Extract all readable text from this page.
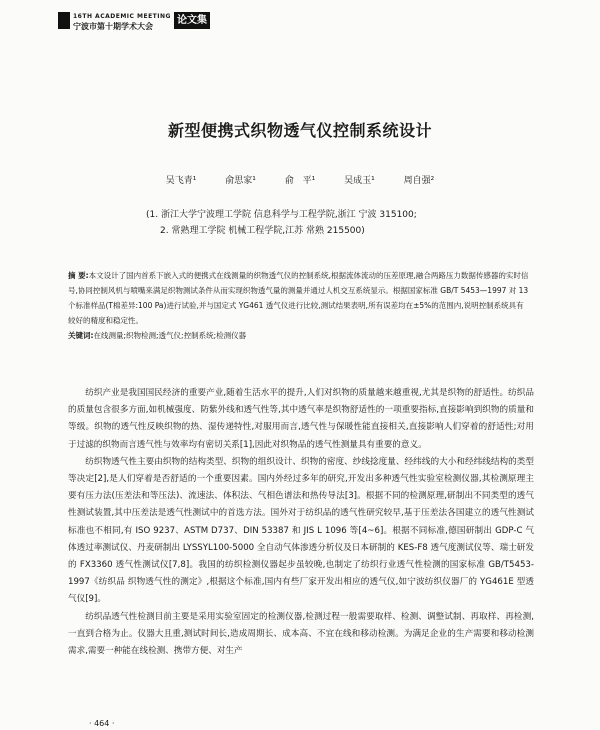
16TH ACADEMIC MEETING
宁波市第十期学术大会
论文集
新型便携式织物透气仪控制系统设计
吴飞青¹	俞思家¹	俞 平¹	吴成玉¹	周自强²
(1. 浙江大学宁波理工学院 信息科学与工程学院,浙江 宁波 315100;
2. 常熟理工学院 机械工程学院,江苏 常熟 215500)
摘 要:本文设计了国内首系下嵌入式的便携式在线测量的织物透气仪的控制系统,根据流体流动的压差原理,融合两路压力数据传感器的实时信号,协同控制风机与喷嘴来满足织物测试条件从而实现织物透气量的测量并通过人机交互系统显示。根据国家标准 GB/T 5453—1997 对 13 个标准样品(T棉差异:100 Pa)进行试验,并与国定式 YG461 透气仪进行比较,测试结果表明,所有误差均在±5%的范围内,说明控制系统具有较好的精度和稳定性。
关键词:在线测量;织物检测;透气仪;控制系统;检测仪器

纺织产业是我国国民经济的重要产业,随着生活水平的提升,人们对织物的质量越来越重视,尤其是织物的舒适性。纺织品的质量包含很多方面,如机械强度、防紫外线和透气性等,其中透气率是织物舒适性的一项重要指标,直接影响到织物的质量和等级。织物的透气性反映织物的热、湿传递特性,对服用而言,透气性与保暖性能直接相关,直接影响人们穿着的舒适性;对用于过滤的织物而言透气性与效率均有密切关系[1],因此对织物品的透气性测量具有重要的意义。

纺织物透气性主要由织物的结构类型、织物的组织设计、织物的密度、纱线捻度量、经纬线的大小和经纬线结构的类型等决定[2],是人们穿着是否舒适的一个重要因素。国内外经过多年的研究,开发出多种透气性实验室检测仪器,其检测原理主要有压力法(压差法和等压法)、流速法、体积法、气相色谱法和热传导法[3]。根据不同的检测原理,研制出不同类型的透气性测试装置,其中压差法是透气性测试中的首选方法。国外对于纺织品的透气性研究较早,基于压差法各国建立的透气性测试标准也不相同,有 ISO 9237、ASTM D737、DIN 53387 和 JIS L 1096 等[4~6]。根据不同标准,德国研制出 GDP-C 气体透过率测试仪、丹麦研制出 LYSSYL100-5000 全自动气体渗透分析仪及日本研制的 KES-F8 透气度测试仪等、瑞士研发的 FX3360 透气性测试仪[7,8]。我国的纺织检测仪器起步虽较晚,也制定了纺织行业透气性检测的国家标准 GB/T5453-1997《纺织品 织物透气性的测定》,根据这个标准,国内有些厂家开发出相应的透气仪,如宁波纺织仪器厂的 YG461E 型透气仪[9]。

纺织品透气性检测目前主要是采用实验室固定的检测仪器,检测过程一般需要取样、检测、调整试制、再取样、再检测,一直到合格为止。仪器大且重,测试时间长,造成周期长、成本高、不宜在线和移动检测。为满足企业的生产需要和移动检测需求,需要一种能在线检测、携带方便、对生产

· 464 ·
